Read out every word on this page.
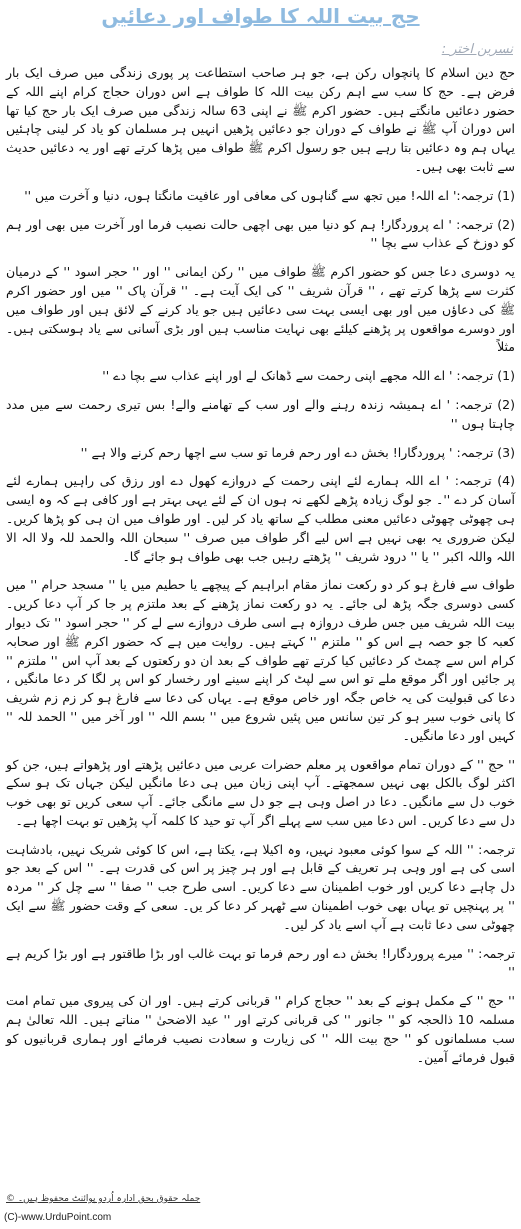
حج بیت اللہ کا طواف اور دعائیں
نسرین اختر :

حج دین اسلام کا پانچواں رکن ہے، جو ہر صاحب استطاعت پر پوری زندگی میں صرف ایک بار فرض ہے۔ حج کا سب سے اہم رکن بیت اللہ کا طواف ہے اس دوران حجاج کرام اپنے اللہ کے حضور دعائیں مانگتے ہیں۔ حضور اکرم ﷺ نے اپنی 63 سالہ زندگی میں صرف ایک بار حج کیا تھا اس دوران آپ ﷺ نے طواف کے دوران جو دعائیں پڑھیں انہیں ہر مسلمان کو یاد کر لینی چاہئیں یہاں ہم وہ دعائیں بتا رہے ہیں جو رسول اکرم ﷺ طواف میں پڑھا کرتے تھے اور یہ دعائیں حدیث سے ثابت بھی ہیں۔

(1) ترجمہ:' اے اللہ! میں تجھ سے گناہوں کی معافی اور عافیت مانگتا ہوں، دنیا و آخرت میں ''

(2) ترجمہ: ' اے پروردگار! ہم کو دنیا میں بھی اچھی حالت نصیب فرما اور آخرت میں بھی اور ہم کو دوزخ کے عذاب سے بچا ''

یہ دوسری دعا جس کو حضور اکرم ﷺ طواف میں '' رکن ایمانی '' اور '' حجر اسود '' کے درمیان کثرت سے پڑھا کرتے تھے ، '' قرآن شریف '' کی ایک آیت ہے۔ '' قرآن پاک '' میں اور حضور اکرم ﷺ کی دعاؤں میں اور بھی ایسی بہت سی دعائیں ہیں جو یاد کرنے کے لائق ہیں اور طواف میں اور دوسرے مواقعوں پر پڑھنے کیلئے بھی نہایت مناسب ہیں اور بڑی آسانی سے یاد ہوسکتی ہیں۔ مثلاً

(1) ترجمہ: ' اے اللہ مجھے اپنی رحمت سے ڈھانک لے اور اپنے عذاب سے بچا دے ''

(2) ترجمہ: ' اے ہمیشہ زندہ رہنے والے اور سب کے تھامنے والے! بس تیری رحمت سے میں مدد چاہتا ہوں ''

(3) ترجمہ: ' پروردگارا! بخش دے اور رحم فرما تو سب سے اچھا رحم کرنے والا ہے ''

(4) ترجمہ: ' اے اللہ ہمارے لئے اپنی رحمت کے دروازے کھول دے اور رزق کی راہیں ہمارے لئے آسان کر دے ''۔ جو لوگ زیادہ پڑھے لکھے نہ ہوں ان کے لئے یہی بہتر ہے اور کافی ہے کہ وہ ایسی ہی چھوٹی چھوٹی دعائیں معنی مطلب کے ساتھ یاد کر لیں۔ اور طواف میں ان ہی کو پڑھا کریں۔ لیکن ضروری یہ بھی نہیں ہے اس لیے اگر طواف میں صرف '' سبحان اللہ والحمد للہ ولا الہ الا اللہ واللہ اکبر '' یا '' درود شریف '' پڑھتے رہیں جب بھی طواف ہو جائے گا۔

طواف سے فارغ ہو کر دو رکعت نماز مقام ابراہیم کے پیچھے یا حطیم میں یا '' مسجد حرام '' میں کسی دوسری جگہ پڑھ لی جائے۔ یہ دو رکعت نماز پڑھنے کے بعد ملتزم پر جا کر آپ دعا کریں۔ بیت اللہ شریف میں جس طرف دروازہ ہے اسی طرف دروازے سے لے کر '' حجر اسود '' تک دیوار کعبہ کا جو حصہ ہے اس کو '' ملتزم '' کہتے ہیں۔ روایت میں ہے کہ حضور اکرم ﷺ اور صحابہ کرام اس سے چمٹ کر دعائیں کیا کرتے تھے طواف کے بعد ان دو رکعتوں کے بعد آپ اس '' ملتزم '' پر جائیں اور اگر موقع ملے تو اس سے لپٹ کر اپنے سینے اور رخسار کو اس پر لگا کر دعا مانگیں ، دعا کی قبولیت کی یہ خاص جگہ اور خاص موقع ہے۔ یہاں کی دعا سے فارغ ہو کر زم زم شریف کا پانی خوب سیر ہو کر تین سانس میں پئیں شروع میں '' بسم اللہ '' اور آخر میں '' الحمد للہ '' کہیں اور دعا مانگیں۔

'' حج '' کے دوران تمام مواقعوں پر معلم حضرات عربی میں دعائیں پڑھتے اور پڑھواتے ہیں، جن کو اکثر لوگ بالکل بھی نہیں سمجھتے۔ آپ اپنی زبان میں ہی دعا مانگیں لیکن جہاں تک ہو سکے خوب دل سے مانگیں۔ دعا در اصل وہی ہے جو دل سے مانگی جائے۔ آپ سعی کریں تو بھی خوب دل سے دعا کریں۔ اس دعا میں سب سے پہلے اگر آپ تو حید کا کلمہ آپ پڑھیں تو بہت اچھا ہے۔

ترجمہ: '' اللہ کے سوا کوئی معبود نہیں، وہ اکیلا ہے، یکتا ہے، اس کا کوئی شریک نہیں، بادشاہت اسی کی ہے اور وہی ہر تعریف کے قابل ہے اور ہر چیز پر اس کی قدرت ہے۔ '' اس کے بعد جو دل چاہے دعا کریں اور خوب اطمینان سے دعا کریں۔ اسی طرح جب '' صفا '' سے چل کر '' مردہ '' پر پہنچیں تو یہاں بھی خوب اطمینان سے ٹھہر کر دعا کر یں۔ سعی کے وقت حضور ﷺ سے ایک چھوٹی سی دعا ثابت ہے آپ اسے یاد کر لیں۔

ترجمہ: '' میرے پروردگارا! بخش دے اور رحم فرما تو بہت غالب اور بڑا طاقتور ہے اور بڑا کریم ہے ''

'' حج '' کے مکمل ہونے کے بعد '' حجاج کرام '' قربانی کرتے ہیں۔ اور ان کی پیروی میں تمام امت مسلمہ 10 ذالحجہ کو '' جانور '' کی قربانی کرتے اور '' عید الاضحیٰ '' مناتے ہیں۔ اللہ تعالیٰ ہم سب مسلمانوں کو '' حج بیت اللہ '' کی زیارت و سعادت نصیب فرمائے اور ہماری قربانیوں کو قبول فرمائے آمین۔

جملہ حقوق بحق ادارہ اُردو پوائنٹ محفوظ ہیں۔ ©
(C)-www.UrduPoint.com
